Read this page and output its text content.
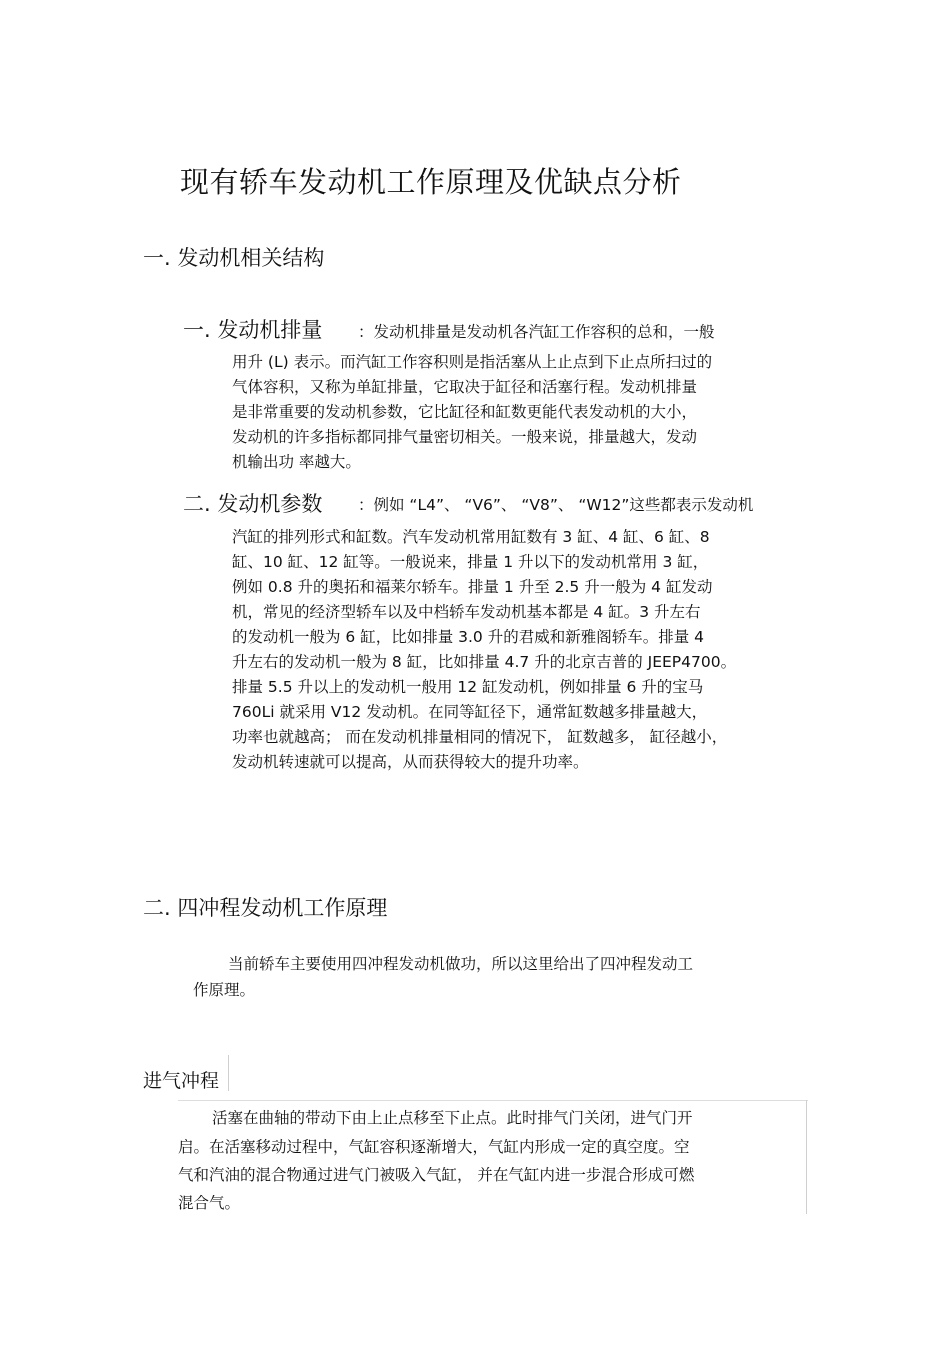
现有轿车发动机工作原理及优缺点分析
一. 发动机相关结构
一. 发动机排量 ：发动机排量是发动机各汽缸工作容积的总和，一般
用升 (L) 表示。而汽缸工作容积则是指活塞从上止点到下止点所扫过的
气体容积，又称为单缸排量，它取决于缸径和活塞行程。发动机排量
是非常重要的发动机参数，它比缸径和缸数更能代表发动机的大小，
发动机的许多指标都同排气量密切相关。一般来说，排量越大，发动
机输出功 率越大。
二. 发动机参数 ：例如 “L4”、 “V6”、 “V8”、 “W12”这些都表示发动机
汽缸的排列形式和缸数。汽车发动机常用缸数有 3 缸、4 缸、6 缸、8
缸、10 缸、12 缸等。一般说来，排量 1 升以下的发动机常用 3 缸，
例如 0.8 升的奥拓和福莱尔轿车。排量 1 升至 2.5 升一般为 4 缸发动
机，常见的经济型轿车以及中档轿车发动机基本都是 4 缸。3 升左右
的发动机一般为 6 缸，比如排量 3.0 升的君威和新雅阁轿车。排量 4
升左右的发动机一般为 8 缸，比如排量 4.7 升的北京吉普的 JEEP4700。
排量 5.5 升以上的发动机一般用 12 缸发动机，例如排量 6 升的宝马
760Li 就采用 V12 发动机。在同等缸径下，通常缸数越多排量越大，
功率也就越高； 而在发动机排量相同的情况下， 缸数越多， 缸径越小，
发动机转速就可以提高，从而获得较大的提升功率。
二. 四冲程发动机工作原理
当前轿车主要使用四冲程发动机做功，所以这里给出了四冲程发动工
作原理。
进气冲程
活塞在曲轴的带动下由上止点移至下止点。此时排气门关闭，进气门开
启。在活塞移动过程中，气缸容积逐渐增大，气缸内形成一定的真空度。空
气和汽油的混合物通过进气门被吸入气缸， 并在气缸内进一步混合形成可燃
混合气。
